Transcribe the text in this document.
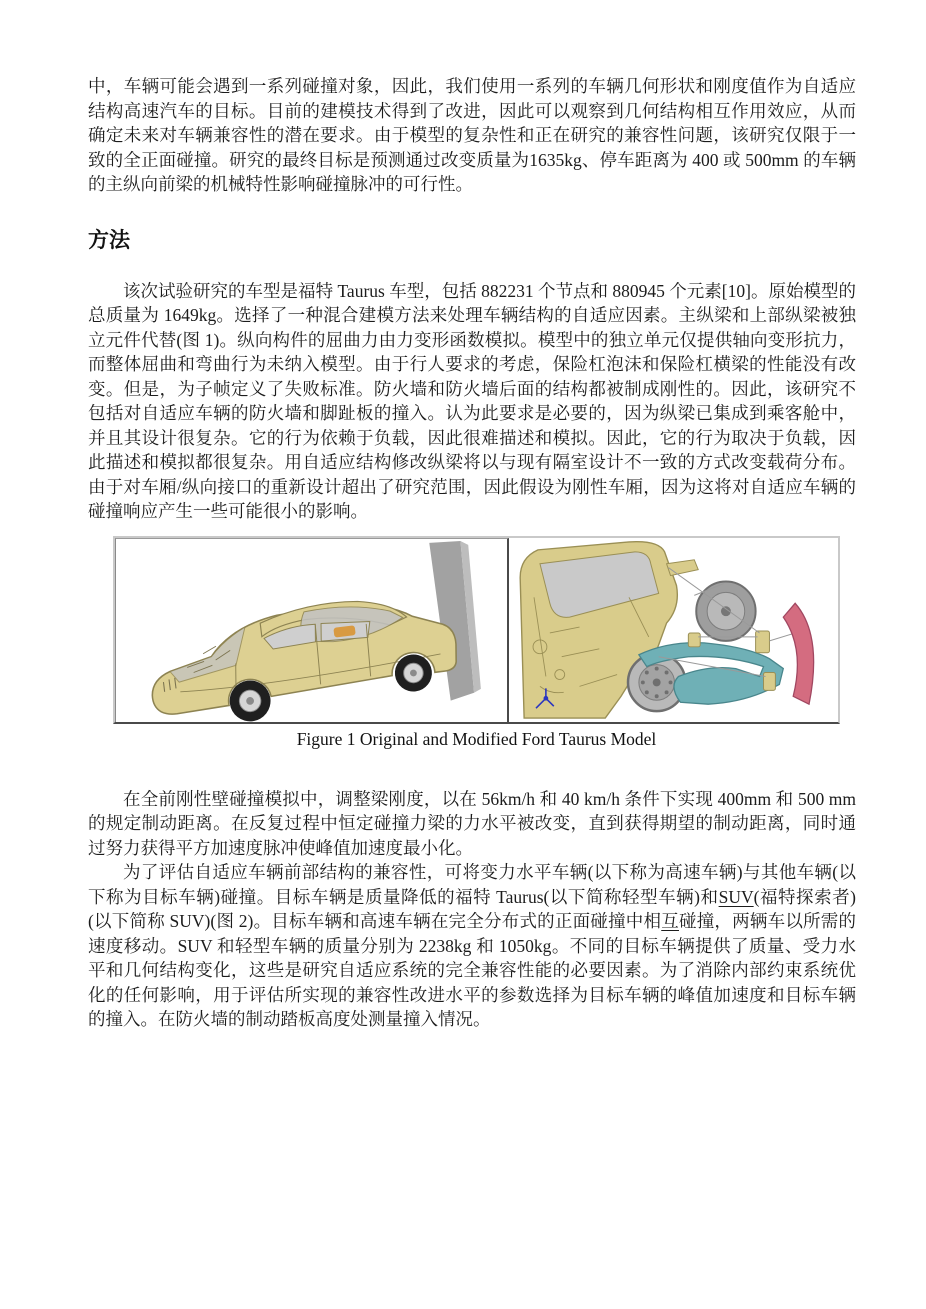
中，车辆可能会遇到一系列碰撞对象，因此，我们使用一系列的车辆几何形状和刚度值作为自适应结构高速汽车的目标。目前的建模技术得到了改进，因此可以观察到几何结构相互作用效应，从而确定未来对车辆兼容性的潜在要求。由于模型的复杂性和正在研究的兼容性问题，该研究仅限于一致的全正面碰撞。研究的最终目标是预测通过改变质量为1635kg、停车距离为 400 或 500mm 的车辆的主纵向前梁的机械特性影响碰撞脉冲的可行性。

方法

该次试验研究的车型是福特 Taurus 车型，包括 882231 个节点和 880945 个元素[10]。原始模型的总质量为 1649kg。选择了一种混合建模方法来处理车辆结构的自适应因素。主纵梁和上部纵梁被独立元件代替(图 1)。纵向构件的屈曲力由力变形函数模拟。模型中的独立单元仅提供轴向变形抗力，而整体屈曲和弯曲行为未纳入模型。由于行人要求的考虑，保险杠泡沫和保险杠横梁的性能没有改变。但是，为子帧定义了失败标准。防火墙和防火墙后面的结构都被制成刚性的。因此，该研究不包括对自适应车辆的防火墙和脚趾板的撞入。认为此要求是必要的，因为纵梁已集成到乘客舱中，并且其设计很复杂。它的行为依赖于负载，因此很难描述和模拟。因此，它的行为取决于负载，因此描述和模拟都很复杂。用自适应结构修改纵梁将以与现有隔室设计不一致的方式改变载荷分布。由于对车厢/纵向接口的重新设计超出了研究范围，因此假设为刚性车厢，因为这将对自适应车辆的碰撞响应产生一些可能很小的影响。

Figure 1 Original and Modified Ford Taurus Model

在全前刚性壁碰撞模拟中，调整梁刚度，以在 56km/h 和 40 km/h 条件下实现 400mm 和 500 mm 的规定制动距离。在反复过程中恒定碰撞力梁的力水平被改变，直到获得期望的制动距离，同时通过努力获得平方加速度脉冲使峰值加速度最小化。

为了评估自适应车辆前部结构的兼容性，可将变力水平车辆(以下称为高速车辆)与其他车辆(以下称为目标车辆)碰撞。目标车辆是质量降低的福特 Taurus(以下简称轻型车辆)和SUV(福特探索者)(以下简称 SUV)(图 2)。目标车辆和高速车辆在完全分布式的正面碰撞中相互碰撞，两辆车以所需的速度移动。SUV 和轻型车辆的质量分别为 2238kg 和 1050kg。不同的目标车辆提供了质量、受力水平和几何结构变化，这些是研究自适应系统的完全兼容性能的必要因素。为了消除内部约束系统优化的任何影响，用于评估所实现的兼容性改进水平的参数选择为目标车辆的峰值加速度和目标车辆的撞入。在防火墙的制动踏板高度处测量撞入情况。
